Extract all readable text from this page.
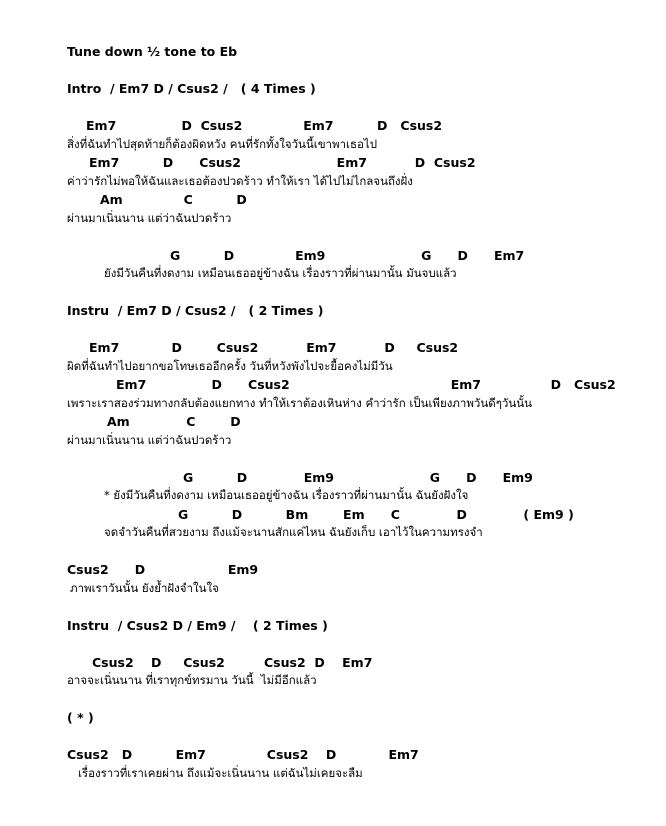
Tune down ½ tone to Eb
Intro  / Em7 D / Csus2 /   ( 4 Times )
Em7               D  Csus2              Em7          D   Csus2
สิ่งที่ฉันทำไปสุดท้ายก็ต้องผิดหวัง คนที่รักทั้งใจวันนี้เขาพาเธอไป
Em7          D      Csus2                      Em7           D  Csus2
ค่าว่ารักไม่พอให้ฉันและเธอต้องปวดร้าว ทำให้เรา ได้ไปไม่ไกลจนถึงฝั่ง
Am              C          D
ผ่านมาเนิ่นนาน แต่ว่าฉันปวดร้าว
G          D              Em9                      G      D      Em7
ยังมีวันคืนที่งดงาม เหมือนเธออยู่ข้างฉัน เรื่องราวที่ผ่านมานั้น มันจบแล้ว
Instru  / Em7 D / Csus2 /   ( 2 Times )
Em7            D        Csus2           Em7           D     Csus2
ผิดที่ฉันทำไปอยากขอโทษเธออีกครั้ง วันที่หวังพังไปจะยื้อคงไม่มีวัน
Em7               D      Csus2                                     Em7                D   Csus2
เพราะเราสองร่วมทางกลับต้องแยกทาง ทำให้เราต้องเหินห่าง คำว่ารัก เป็นเพียงภาพวันดีๆวันนั้น
Am             C        D
ผ่านมาเนิ่นนาน แต่ว่าฉันปวดร้าว
G          D             Em9                      G      D      Em9
* ยังมีวันคืนที่งดงาม เหมือนเธออยู่ข้างฉัน เรื่องราวที่ผ่านมานั้น ฉันยังฝังใจ
G          D          Bm        Em      C             D             ( Em9 )
จดจำวันคืนที่สวยงาม ถึงแม้จะนานสักแค่ไหน ฉันยังเก็บ เอาไว้ในความทรงจำ
Csus2      D                   Em9
ภาพเราวันนั้น ยังย้ำฝังจำในใจ
Instru  / Csus2 D / Em9 /    ( 2 Times )
Csus2    D     Csus2         Csus2  D    Em7
อาจจะเนิ่นนาน ที่เราทุกข์ทรมาน วันนี้  ไม่มีอีกแล้ว
( * )
Csus2   D          Em7              Csus2    D            Em7
เรื่องราวที่เราเคยผ่าน ถึงแม้จะเนิ่นนาน แต่ฉันไม่เคยจะลืม
